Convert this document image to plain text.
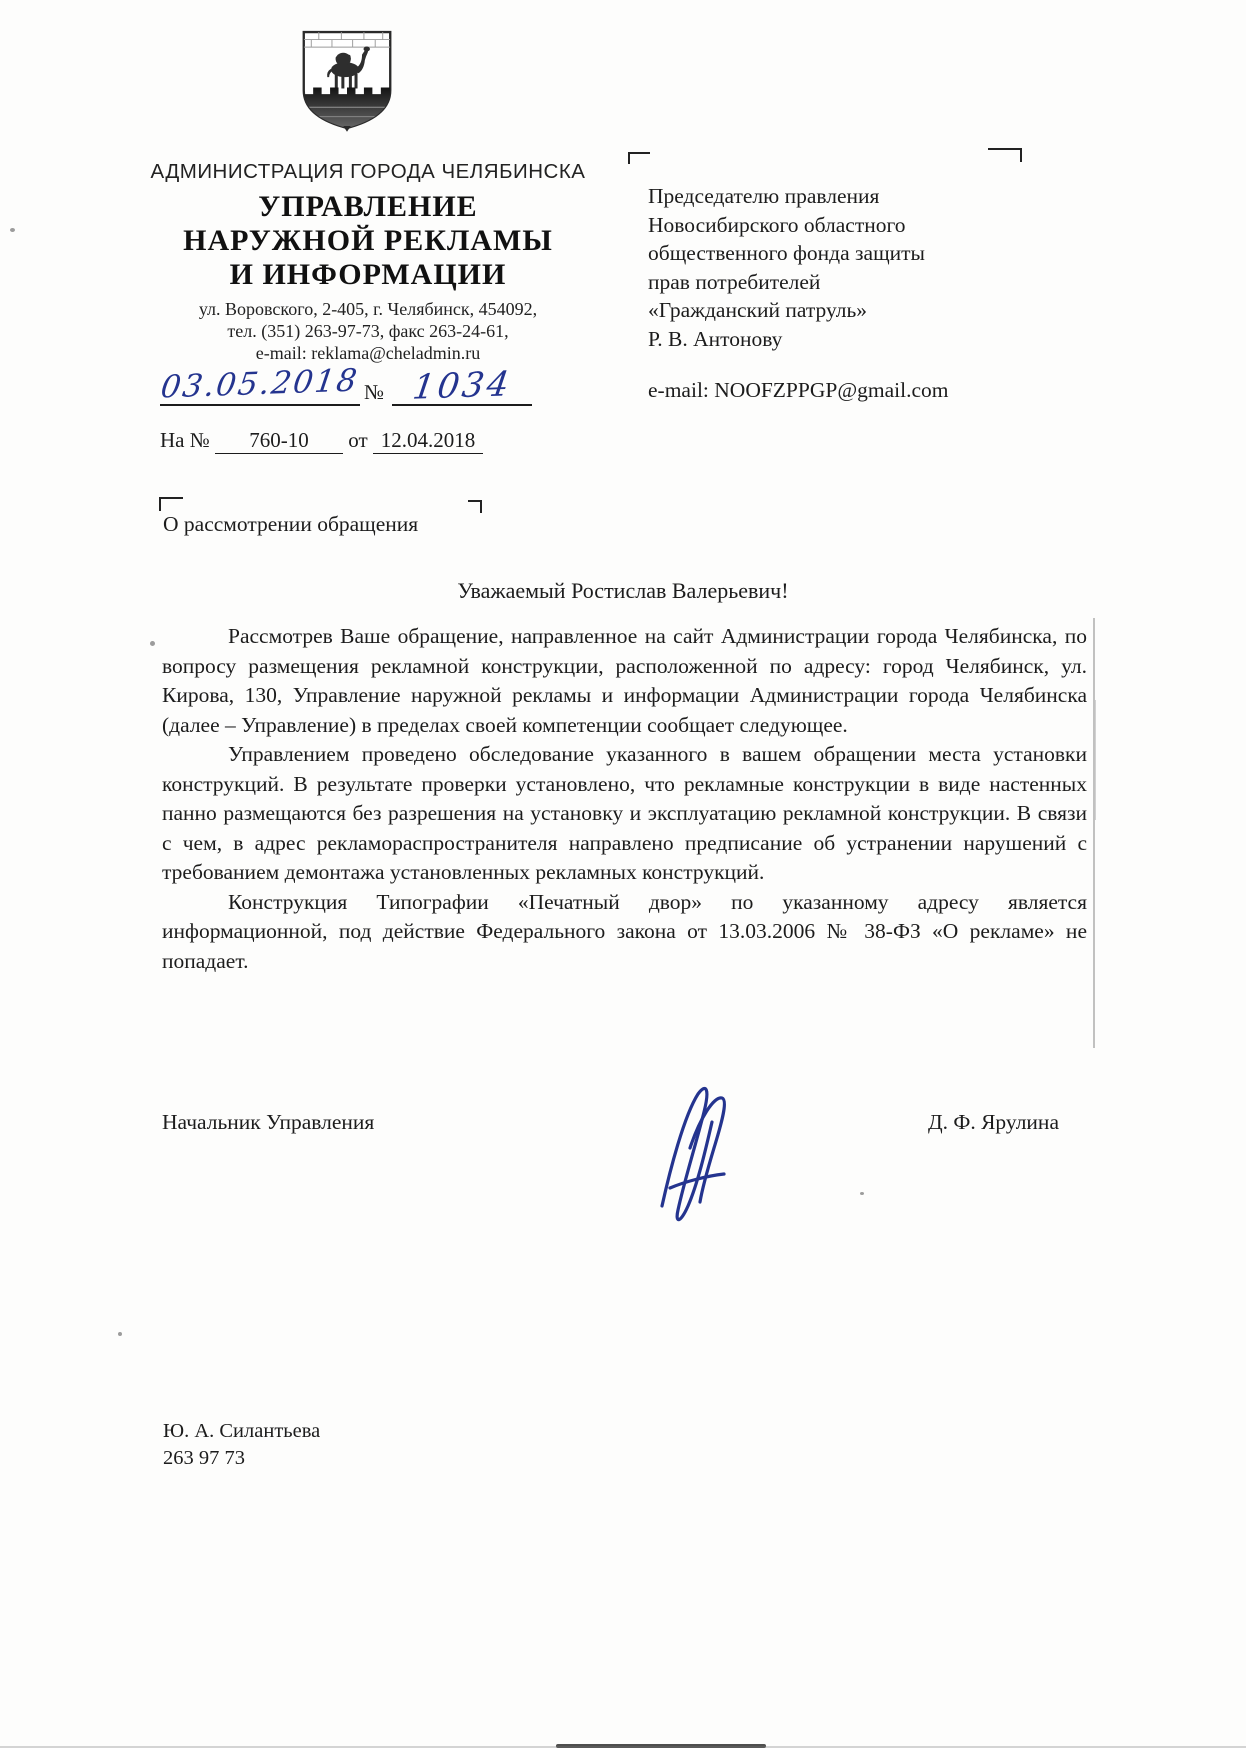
АДМИНИСТРАЦИЯ ГОРОДА ЧЕЛЯБИНСКА
УПРАВЛЕНИЕ
НАРУЖНОЙ РЕКЛАМЫ
И ИНФОРМАЦИИ
ул. Воровского, 2-405, г. Челябинск, 454092,
тел. (351) 263-97-73, факс 263-24-61,
e-mail: reklama@cheladmin.ru
03.05.2018 № 1034
На № 760-10 от 12.04.2018
Председателю правления
Новосибирского областного
общественного фонда защиты
прав потребителей
«Гражданский патруль»
Р. В. Антонову
e-mail: NOOFZPPGP@gmail.com
О рассмотрении обращения
Уважаемый Ростислав Валерьевич!

Рассмотрев Ваше обращение, направленное на сайт Администрации города Челябинска, по вопросу размещения рекламной конструкции, расположенной по адресу: город Челябинск, ул. Кирова, 130, Управление наружной рекламы и информации Администрации города Челябинска (далее – Управление) в пределах своей компетенции сообщает следующее.

Управлением проведено обследование указанного в вашем обращении места установки конструкций. В результате проверки установлено, что рекламные конструкции в виде настенных панно размещаются без разрешения на установку и эксплуатацию рекламной конструкции. В связи с чем, в адрес рекламораспространителя направлено предписание об устранении нарушений с требованием демонтажа установленных рекламных конструкций.

Конструкция Типографии «Печатный двор» по указанному адресу является информационной, под действие Федерального закона от 13.03.2006 № 38-ФЗ «О рекламе» не попадает.

Начальник Управления	Д. Ф. Ярулина
Ю. А. Силантьева
263 97 73
